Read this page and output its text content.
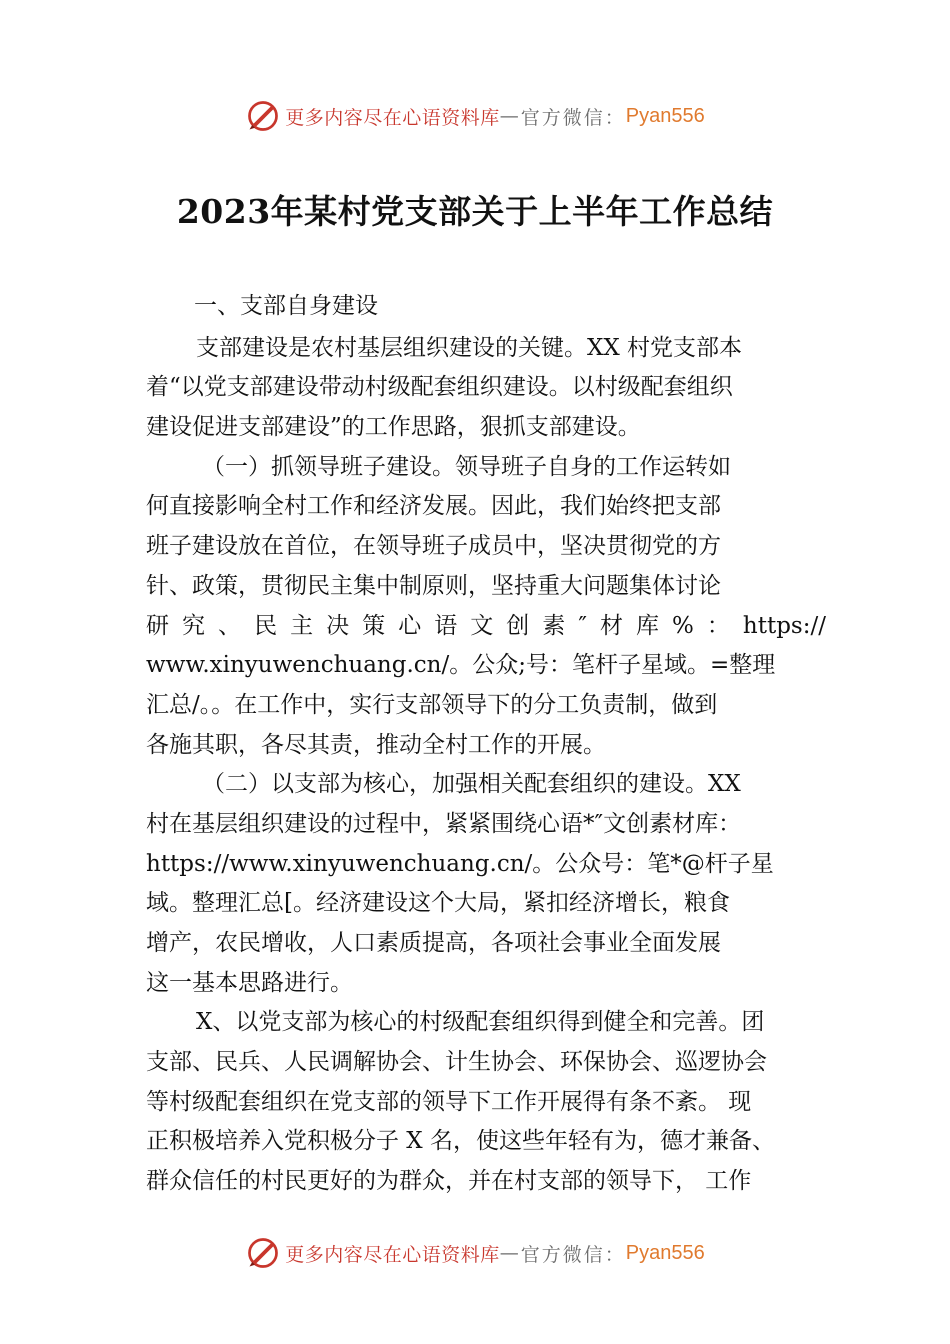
更多内容尽在心语资料库 — 官方微信： Pyan556
2023年某村党支部关于上半年工作总结
一、支部自身建设
支部建设是农村基层组织建设的关键。XX 村党支部本
着“以党支部建设带动村级配套组织建设。以村级配套组织
建设促进支部建设”的工作思路，狠抓支部建设。
（一）抓领导班子建设。领导班子自身的工作运转如
何直接影响全村工作和经济发展。因此，我们始终把支部
班子建设放在首位，在领导班子成员中，坚决贯彻党的方
针、政策，贯彻民主集中制原则，坚持重大问题集体讨论
研究、民主决策心语文创素″材库%：https://
www.xinyuwenchuang.cn/。公众;号：笔杆子星域。=整理
汇总/。。在工作中，实行支部领导下的分工负责制，做到
各施其职，各尽其责，推动全村工作的开展。
（二）以支部为核心，加强相关配套组织的建设。XX
村在基层组织建设的过程中，紧紧围绕心语*″文创素材库：
https://www.xinyuwenchuang.cn/。公众号：笔*@杆子星
域。整理汇总[。经济建设这个大局，紧扣经济增长，粮食
增产，农民增收，人口素质提高，各项社会事业全面发展
这一基本思路进行。
X、以党支部为核心的村级配套组织得到健全和完善。团
支部、民兵、人民调解协会、计生协会、环保协会、巡逻协会
等村级配套组织在党支部的领导下工作开展得有条不紊。 现
正积极培养入党积极分子 X 名，使这些年轻有为，德才兼备、
群众信任的村民更好的为群众，并在村支部的领导下， 工作
更多内容尽在心语资料库 — 官方微信： Pyan556
